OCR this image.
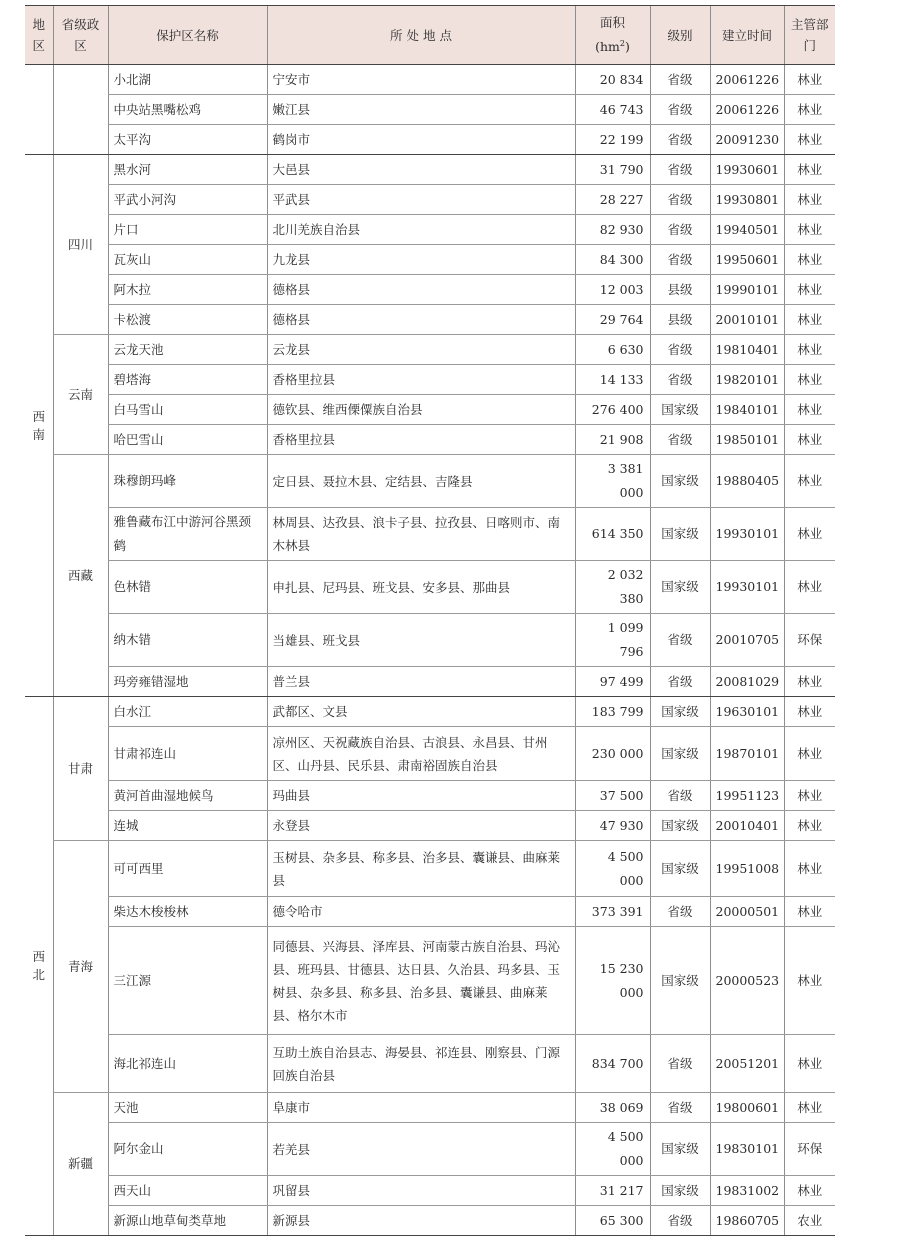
地区	省级政区	保护区名称	所 处 地 点	面积
$(hm^2)$	级别	建立时间	主管部门
		小北湖	宁安市	20 834	省级	20061226	林业
		中央站黑嘴松鸡	嫩江县	46 743	省级	20061226	林业
		太平沟	鹤岗市	22 199	省级	20091230	林业
西南	四川	黑水河	大邑县	31 790	省级	19930601	林业
		平武小河沟	平武县	28 227	省级	19930801	林业
		片口	北川羌族自治县	82 930	省级	19940501	林业
		瓦灰山	九龙县	84 300	省级	19950601	林业
		阿木拉	德格县	12 003	县级	19990101	林业
		卡松渡	德格县	29 764	县级	20010101	林业
	云南	云龙天池	云龙县	6 630	省级	19810401	林业
		碧塔海	香格里拉县	14 133	省级	19820101	林业
		白马雪山	德钦县、维西傈僳族自治县	276 400	国家级	19840101	林业
		哈巴雪山	香格里拉县	21 908	省级	19850101	林业
	西藏	珠穆朗玛峰	定日县、聂拉木县、定结县、吉隆县	3 381 000	国家级	19880405	林业
		雅鲁藏布江中游河谷黑颈鹤	林周县、达孜县、浪卡子县、拉孜县、日喀则市、南木林县	614 350	国家级	19930101	林业
		色林错	申扎县、尼玛县、班戈县、安多县、那曲县	2 032 380	国家级	19930101	林业
		纳木错	当雄县、班戈县	1 099 796	省级	20010705	环保
		玛旁雍错湿地	普兰县	97 499	省级	20081029	林业
西北	甘肃	白水江	武都区、文县	183 799	国家级	19630101	林业
		甘肃祁连山	凉州区、天祝藏族自治县、古浪县、永昌县、甘州区、山丹县、民乐县、肃南裕固族自治县	230 000	国家级	19870101	林业
		黄河首曲湿地候鸟	玛曲县	37 500	省级	19951123	林业
		连城	永登县	47 930	国家级	20010401	林业
	青海	可可西里	玉树县、杂多县、称多县、治多县、囊谦县、曲麻莱县	4 500 000	国家级	19951008	林业
		柴达木梭梭林	德令哈市	373 391	省级	20000501	林业
		三江源	同德县、兴海县、泽库县、河南蒙古族自治县、玛沁县、班玛县、甘德县、达日县、久治县、玛多县、玉树县、杂多县、称多县、治多县、囊谦县、曲麻莱县、格尔木市	15 230 000	国家级	20000523	林业
		海北祁连山	互助土族自治县志、海晏县、祁连县、刚察县、门源回族自治县	834 700	省级	20051201	林业
	新疆	天池	阜康市	38 069	省级	19800601	林业
		阿尔金山	若羌县	4 500 000	国家级	19830101	环保
		西天山	巩留县	31 217	国家级	19831002	林业
		新源山地草甸类草地	新源县	65 300	省级	19860705	农业
